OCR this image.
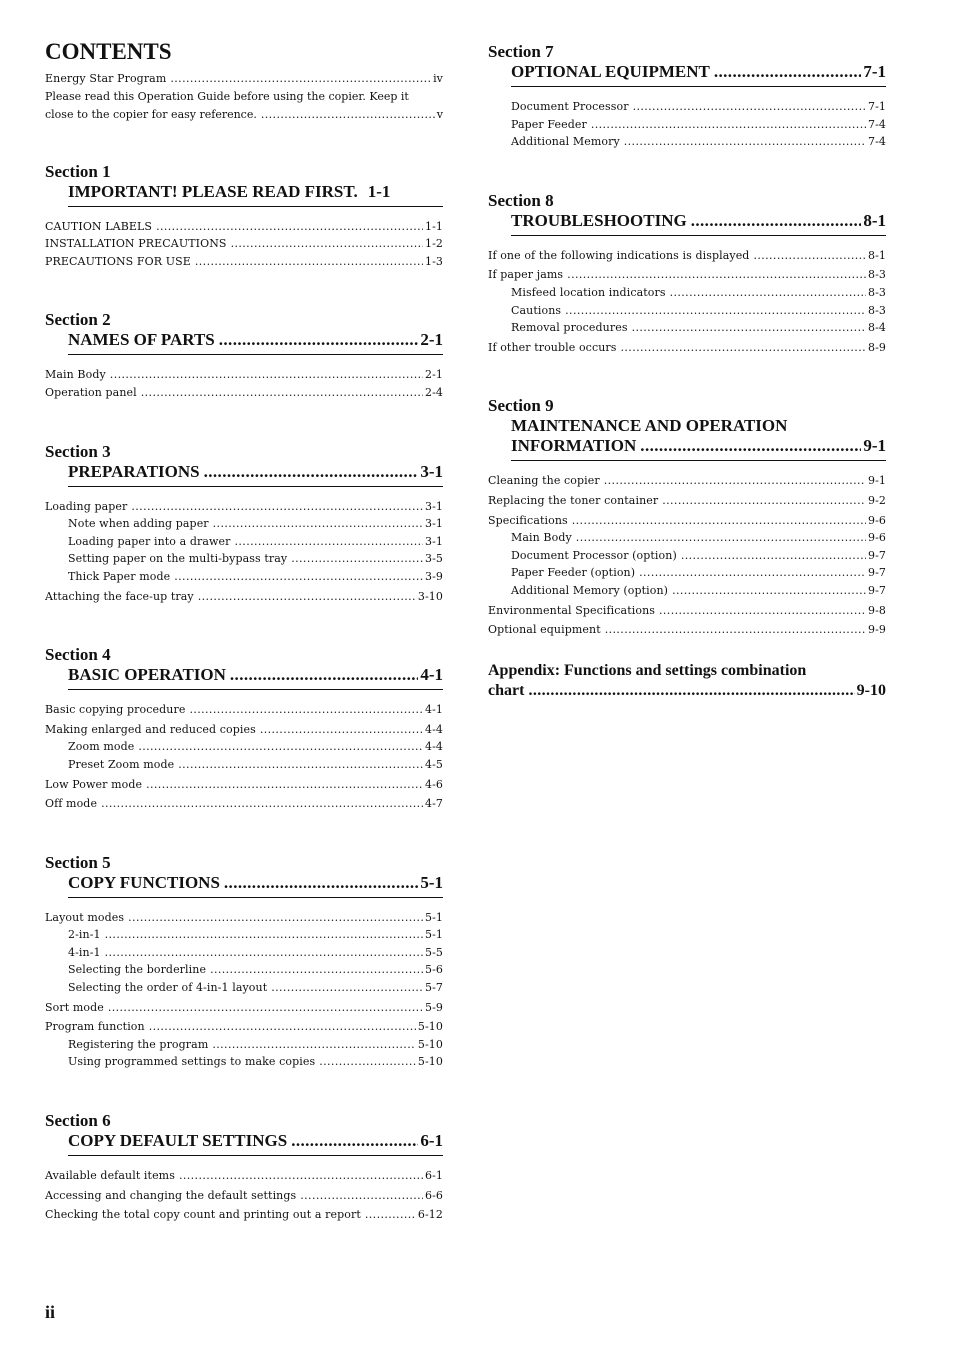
CONTENTS
Energy Star Program .....	iv
Please read this Operation Guide before using the copier. Keep it
close to the copier for easy reference. .....	v
Section 1
IMPORTANT! PLEASE READ FIRST. 1-1
CAUTION LABELS .....	1-1
INSTALLATION PRECAUTIONS .....	1-2
PRECAUTIONS FOR USE .....	1-3
Section 2
NAMES OF PARTS .....	2-1
Main Body .....	2-1
Operation panel .....	2-4
Section 3
PREPARATIONS .....	3-1
Loading paper .....	3-1
Note when adding paper .....	3-1
Loading paper into a drawer .....	3-1
Setting paper on the multi-bypass tray .....	3-5
Thick Paper mode .....	3-9
Attaching the face-up tray .....	3-10
Section 4
BASIC OPERATION .....	4-1
Basic copying procedure .....	4-1
Making enlarged and reduced copies .....	4-4
Zoom mode .....	4-4
Preset Zoom mode .....	4-5
Low Power mode .....	4-6
Off mode .....	4-7
Section 5
COPY FUNCTIONS .....	5-1
Layout modes .....	5-1
2-in-1 .....	5-1
4-in-1 .....	5-5
Selecting the borderline .....	5-6
Selecting the order of 4-in-1 layout .....	5-7
Sort mode .....	5-9
Program function .....	5-10
Registering the program .....	5-10
Using programmed settings to make copies .....	5-10
Section 6
COPY DEFAULT SETTINGS .....	6-1
Available default items .....	6-1
Accessing and changing the default settings .....	6-6
Checking the total copy count and printing out a report .....	6-12
Section 7
OPTIONAL EQUIPMENT .....	7-1
Document Processor .....	7-1
Paper Feeder .....	7-4
Additional Memory .....	7-4
Section 8
TROUBLESHOOTING .....	8-1
If one of the following indications is displayed .....	8-1
If paper jams .....	8-3
Misfeed location indicators .....	8-3
Cautions .....	8-3
Removal procedures .....	8-4
If other trouble occurs .....	8-9
Section 9
MAINTENANCE AND OPERATION
INFORMATION .....	9-1
Cleaning the copier .....	9-1
Replacing the toner container .....	9-2
Specifications .....	9-6
Main Body .....	9-6
Document Processor (option) .....	9-7
Paper Feeder (option) .....	9-7
Additional Memory (option) .....	9-7
Environmental Specifications .....	9-8
Optional equipment .....	9-9
Appendix: Functions and settings combination
chart .....	9-10
ii
